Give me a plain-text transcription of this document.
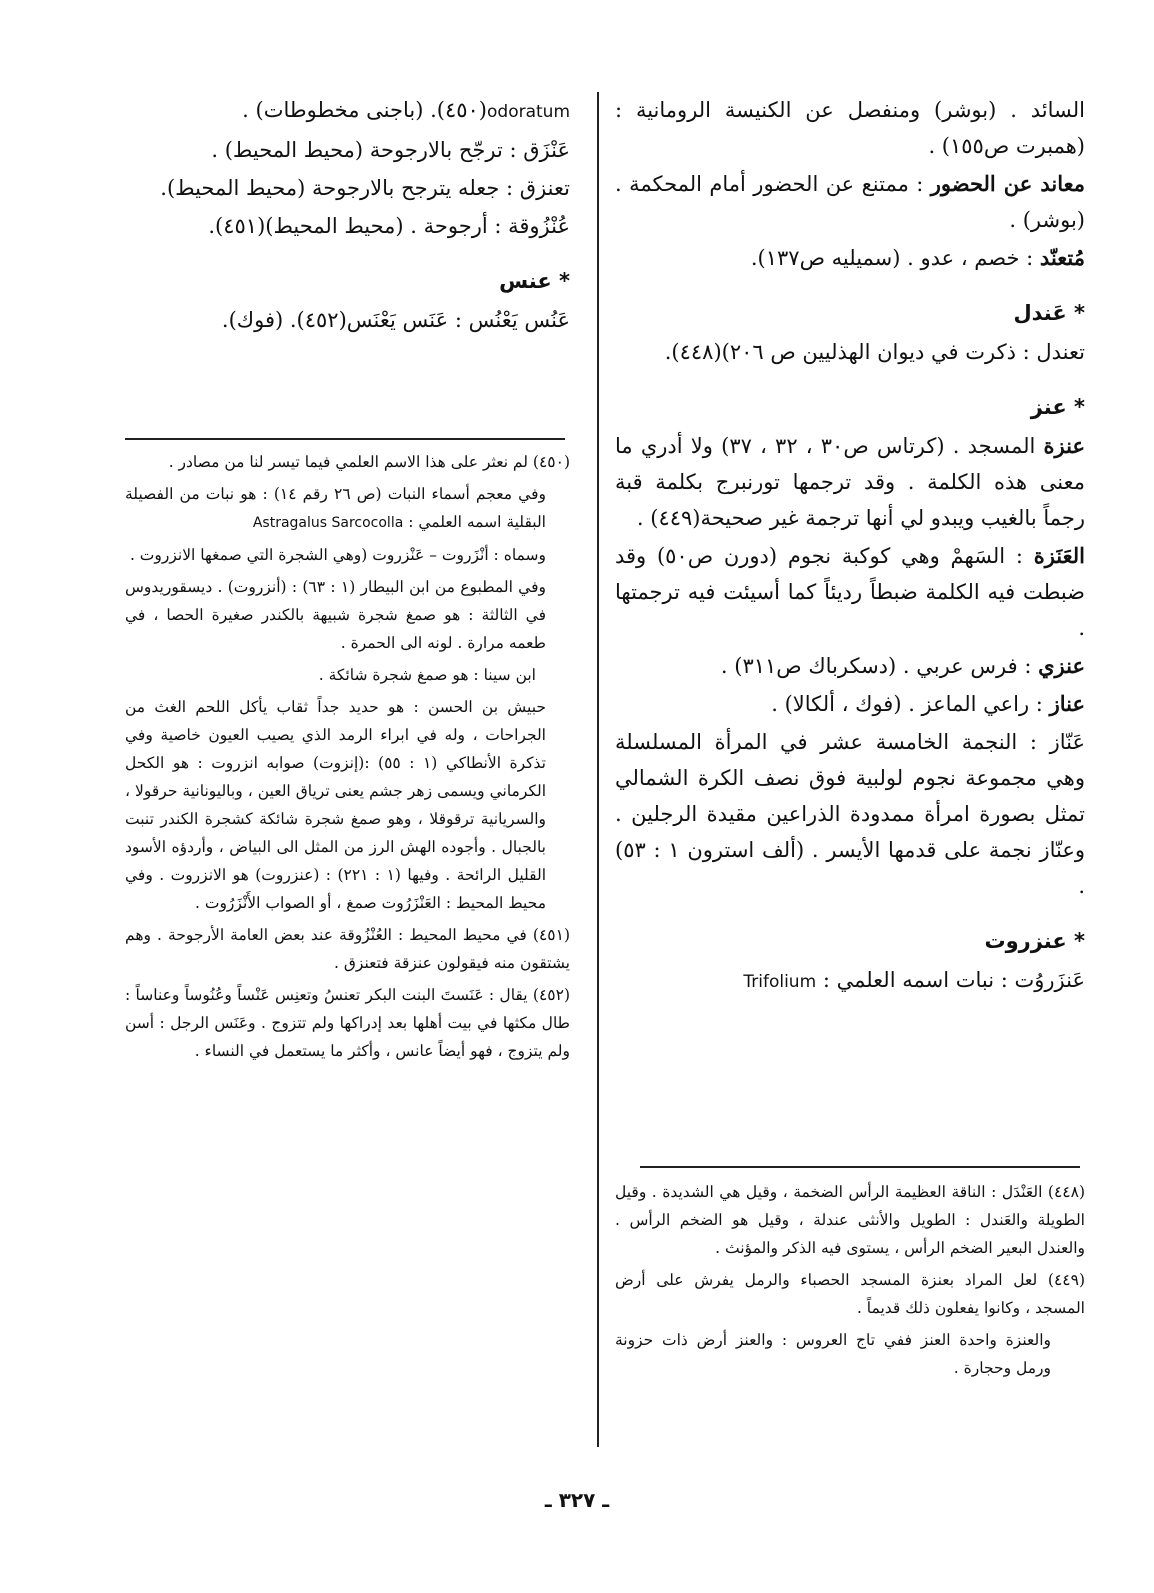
السائد . (بوشر) ومنفصل عن الكنيسة الرومانية :(همبرت ص١٥٥) .

معاند عن الحضور : ممتنع عن الحضور أمام المحكمة . (بوشر) .

مُتعنّد : خصم ، عدو . (سميليه ص١٣٧).

* عَندل

تعندل : ذكرت في ديوان الهذليين ص ٢٠٦)(٤٤٨).

* عنز

عنزة المسجد . (كرتاس ص٣٠ ، ٣٢ ، ٣٧) ولا أدري ما معنى هذه الكلمة . وقد ترجمها تورنبرج بكلمة قبة رجماً بالغيب ويبدو لي أنها ترجمة غير صحيحة(٤٤٩) .

العَنَزة : السَهمْ وهي كوكبة نجوم (دورن ص٥٠) وقد ضبطت فيه الكلمة ضبطاً رديئاً كما أسيئت فيه ترجمتها .

عنزي : فرس عربي . (دسكرباك ص٣١١) .

عناز : راعي الماعز . (فوك ، ألكالا) .

عَنّاز : النجمة الخامسة عشر في المرأة المسلسلة وهي مجموعة نجوم لولبية فوق نصف الكرة الشمالي تمثل بصورة امرأة ممدودة الذراعين مقيدة الرجلين . وعنّاز نجمة على قدمها الأيسر . (ألف استرون ١ : ٥٣) .

* عنزروت

عَنزَروُت : نبات اسمه العلمي : Trifolium

(٤٤٨) العَنْدَل : الناقة العظيمة الرأس الضخمة ، وقيل هي الشديدة . وقيل الطويلة والعَندل : الطويل والأنثى عندلة ، وقيل هو الضخم الرأس . والعندل البعير الضخم الرأس ، يستوى فيه الذكر والمؤنث .

(٤٤٩) لعل المراد بعنزة المسجد الحصباء والرمل يفرش على أرض المسجد ، وكانوا يفعلون ذلك قديماً .

والعنزة واحدة العنز ففي تاج العروس : والعنز أرض ذات حزونة ورمل وحجارة .

odoratum(٤٥٠). (باجنى مخطوطات) .

عَنْزَق : ترجّح بالارجوحة (محيط المحيط) .

تعنزق : جعله يترجح بالارجوحة (محيط المحيط).

عُنْزُوقة : أرجوحة . (محيط المحيط)(٤٥١).

* عنس

عَنُس يَعْنُس : عَنَس يَعْنَس(٤٥٢). (فوك).

(٤٥٠) لم نعثر على هذا الاسم العلمي فيما تيسر لنا من مصادر .

وفي معجم أسماء النبات (ص ٢٦ رقم ١٤) : هو نبات من الفصيلة البقلية اسمه العلمي : Astragalus Sarcocolla

وسماه : أنْزَروت – عَنْزروت (وهي الشجرة التي صمغها الانزروت .

وفي المطبوع من ابن البيطار (١ : ٦٣) : (أنزروت) . ديسقوريدوس في الثالثة : هو صمغ شجرة شبيهة بالكندر صغيرة الحصا ، في طعمه مرارة . لونه الى الحمرة .

ابن سينا : هو صمغ شجرة شائكة .

حبيش بن الحسن : هو حديد جداً ثقاب يأكل اللحم الغث من الجراحات ، وله في ابراء الرمد الذي يصيب العيون خاصية وفي تذكرة الأنطاكي (١ : ٥٥) :(إنزوت) صوابه انزروت : هو الكحل الكرماني ويسمى زهر جشم يعنى ترياق العين ، وباليونانية حرقولا ، والسريانية ترقوقلا ، وهو صمغ شجرة شائكة كشجرة الكندر تنبت بالجبال . وأجوده الهش الرز من المثل الى البياض ، وأردؤه الأسود القليل الرائحة . وفيها (١ : ٢٢١) : (عنزروت) هو الانزروت . وفي محيط المحيط : العَنْزَرُوت صمغ ، أو الصواب الأَنْزَرُوت .

(٤٥١) في محيط المحيط : العُنْزُوقة عند بعض العامة الأرجوحة . وهم يشتقون منه فيقولون عنزقة فتعنزق .

(٤٥٢) يقال : عَنَستَ البنت البكر تعنسُ وتعنِس عَنْساً وعُنُوساً وعناساً : طال مكثها في بيت أهلها بعد إدراكها ولم تتزوج . وعَنَس الرجل : أسن ولم يتزوج ، فهو أيضاً عانس ، وأكثر ما يستعمل في النساء .

ـ ٣٢٧ ـ
